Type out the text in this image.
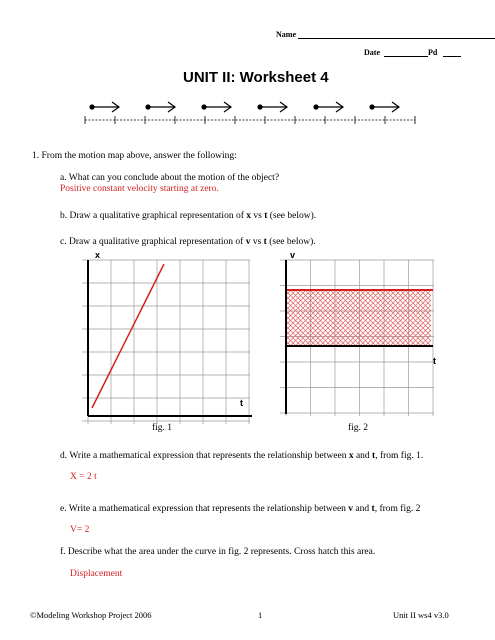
Name
Date	Pd
UNIT II: Worksheet 4
1. From the motion map above, answer the following:
a. What can you conclude about the motion of the object?
Positive constant velocity starting at zero.
b. Draw a qualitative graphical representation of x vs t (see below).
c. Draw a qualitative graphical representation of v vs t (see below).
x
t
fig. 1
v
t
fig. 2
d. Write a mathematical expression that represents the relationship between x and t, from fig. 1.
X = 2 t
e. Write a mathematical expression that represents the relationship between v and t, from fig. 2
V= 2
f. Describe what the area under the curve in fig. 2 represents. Cross hatch this area.
Displacement
©Modeling Workshop Project 2006	1	Unit II ws4 v3.0
